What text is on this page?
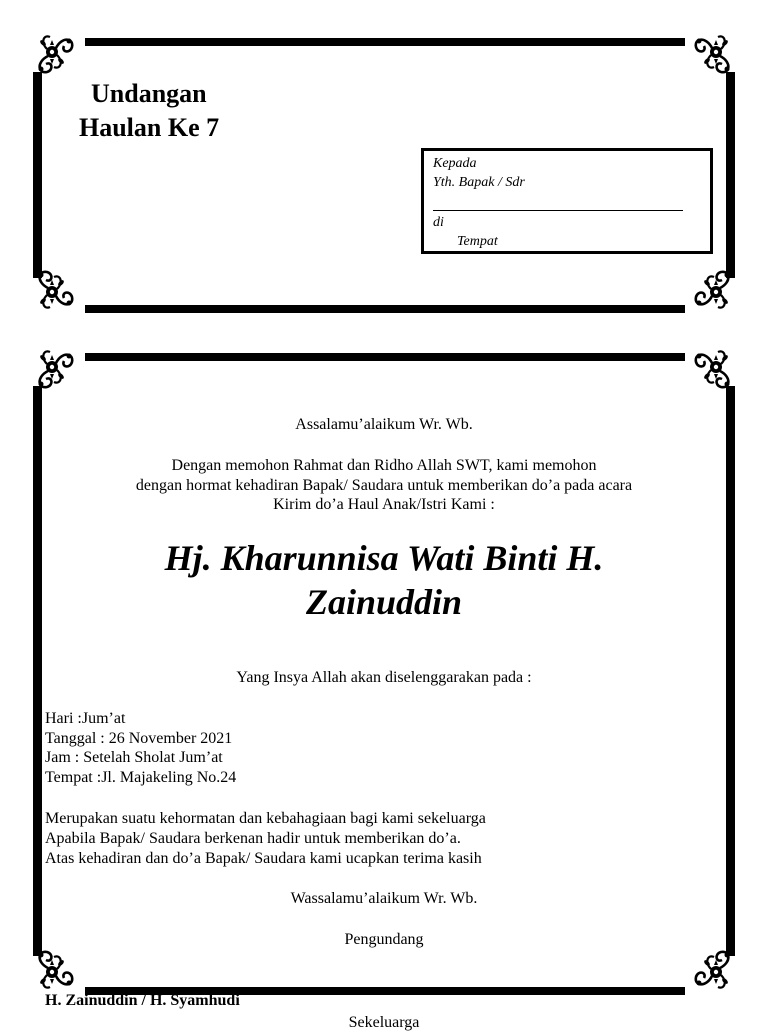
Undangan

Haulan Ke 7

Kepada
Yth. Bapak / Sdr
di
Tempat

Assalamu’alaikum Wr. Wb.

Dengan memohon Rahmat dan Ridho Allah SWT, kami memohon

dengan hormat kehadiran Bapak/ Saudara untuk memberikan do’a pada acara

Kirim do’a Haul Anak/Istri Kami :

Hj. Kharunnisa Wati Binti H.

Zainuddin

Yang Insya Allah akan diselenggarakan pada :

Hari :Jum’at

Tanggal : 26 November 2021

Jam : Setelah Sholat Jum’at

Tempat :Jl. Majakeling No.24

Merupakan suatu kehormatan dan kebahagiaan bagi kami sekeluarga

Apabila Bapak/ Saudara berkenan hadir untuk memberikan do’a.

Atas kehadiran dan do’a Bapak/ Saudara kami ucapkan terima kasih

Wassalamu’alaikum Wr. Wb.

Pengundang

H. Zainuddin / H. Syamhudi

Sekeluarga
